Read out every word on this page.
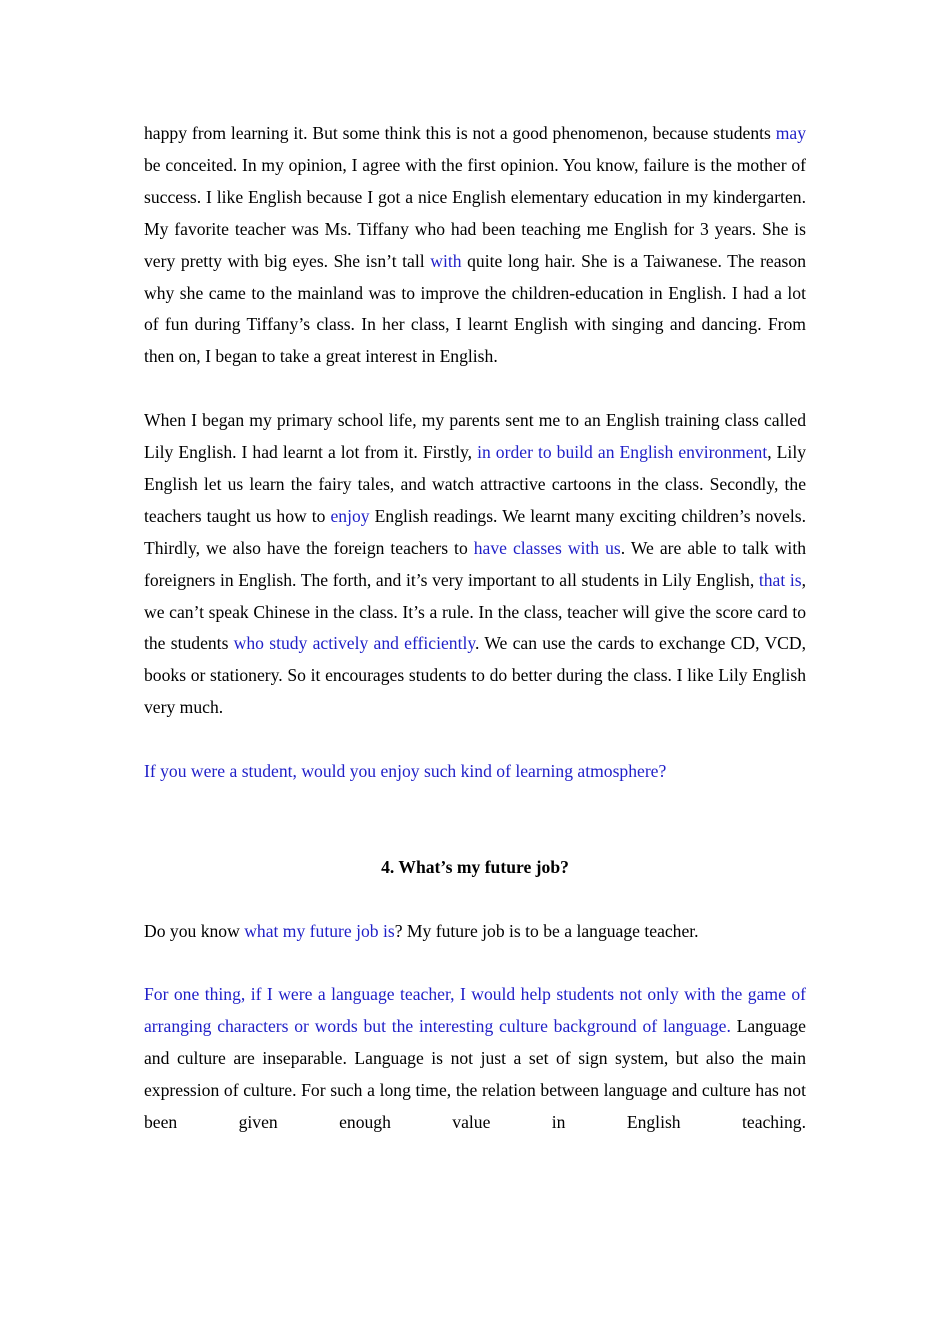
happy from learning it. But some think this is not a good phenomenon, because students may be conceited. In my opinion, I agree with the first opinion. You know, failure is the mother of success. I like English because I got a nice English elementary education in my kindergarten. My favorite teacher was Ms. Tiffany who had been teaching me English for 3 years. She is very pretty with big eyes. She isn’t tall with quite long hair. She is a Taiwanese. The reason why she came to the mainland was to improve the children-education in English. I had a lot of fun during Tiffany’s class. In her class, I learnt English with singing and dancing. From then on, I began to take a great interest in English.

When I began my primary school life, my parents sent me to an English training class called Lily English. I had learnt a lot from it. Firstly, in order to build an English environment, Lily English let us learn the fairy tales, and watch attractive cartoons in the class. Secondly, the teachers taught us how to enjoy English readings. We learnt many exciting children’s novels. Thirdly, we also have the foreign teachers to have classes with us. We are able to talk with foreigners in English. The forth, and it’s very important to all students in Lily English, that is, we can’t speak Chinese in the class. It’s a rule. In the class, teacher will give the score card to the students who study actively and efficiently. We can use the cards to exchange CD, VCD, books or stationery. So it encourages students to do better during the class. I like Lily English very much.

If you were a student, would you enjoy such kind of learning atmosphere?

4. What’s my future job?

Do you know what my future job is? My future job is to be a language teacher.

For one thing, if I were a language teacher, I would help students not only with the game of arranging characters or words but the interesting culture background of language. Language and culture are inseparable. Language is not just a set of sign system, but also the main expression of culture. For such a long time, the relation between language and culture has not been given enough value in English teaching.
